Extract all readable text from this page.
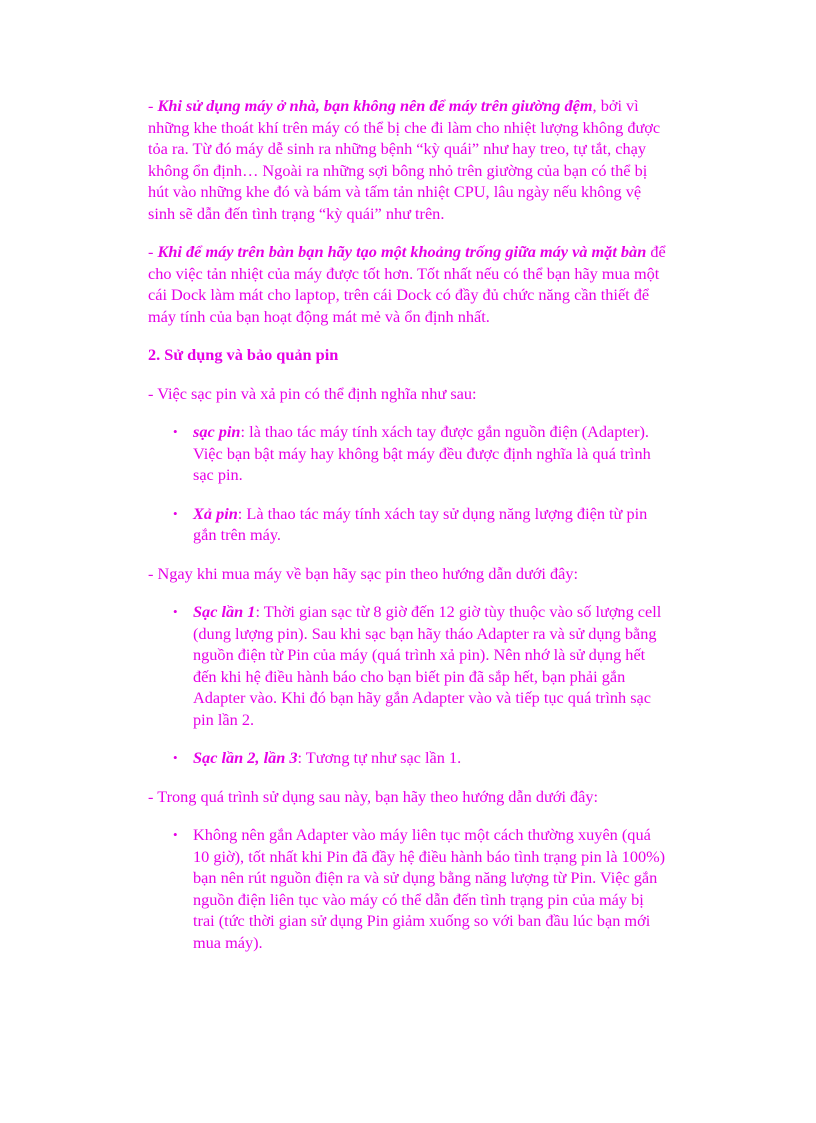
- Khi sử dụng máy ở nhà, bạn không nên để máy trên giường đệm, bởi vì những khe thoát khí trên máy có thể bị che đi làm cho nhiệt lượng không được tỏa ra. Từ đó máy dễ sinh ra những bệnh “kỳ quái” như hay treo, tự tắt, chạy không ổn định… Ngoài ra những sợi bông nhỏ trên giường của bạn có thể bị hút vào những khe đó và bám và tấm tản nhiệt CPU, lâu ngày nếu không vệ sinh sẽ dẫn đến tình trạng “kỳ quái” như trên.

- Khi để máy trên bàn bạn hãy tạo một khoảng trống giữa máy và mặt bàn để cho việc tản nhiệt của máy được tốt hơn. Tốt nhất nếu có thể bạn hãy mua một cái Dock làm mát cho laptop, trên cái Dock có đầy đủ chức năng cần thiết để máy tính của bạn hoạt động mát mẻ và ổn định nhất.

2. Sử dụng và bảo quản pin

- Việc sạc pin và xả pin có thể định nghĩa như sau:

• sạc pin: là thao tác máy tính xách tay được gắn nguồn điện (Adapter). Việc bạn bật máy hay không bật máy đều được định nghĩa là quá trình sạc pin.
• Xả pin: Là thao tác máy tính xách tay sử dụng năng lượng điện từ pin gắn trên máy.

- Ngay khi mua máy về bạn hãy sạc pin theo hướng dẫn dưới đây:

• Sạc lần 1: Thời gian sạc từ 8 giờ đến 12 giờ tùy thuộc vào số lượng cell (dung lượng pin). Sau khi sạc bạn hãy tháo Adapter ra và sử dụng bằng nguồn điện từ Pin của máy (quá trình xả pin). Nên nhớ là sử dụng hết đến khi hệ điều hành báo cho bạn biết pin đã sắp hết, bạn phải gắn Adapter vào. Khi đó bạn hãy gắn Adapter vào và tiếp tục quá trình sạc pin lần 2.
• Sạc lần 2, lần 3: Tương tự như sạc lần 1.

- Trong quá trình sử dụng sau này, bạn hãy theo hướng dẫn dưới đây:

• Không nên gắn Adapter vào máy liên tục một cách thường xuyên (quá 10 giờ), tốt nhất khi Pin đã đầy hệ điều hành báo tình trạng pin là 100%) bạn nên rút nguồn điện ra và sử dụng bằng năng lượng từ Pin. Việc gắn nguồn điện liên tục vào máy có thể dẫn đến tình trạng pin của máy bị trai (tức thời gian sử dụng Pin giảm xuống so với ban đầu lúc bạn mới mua máy).
